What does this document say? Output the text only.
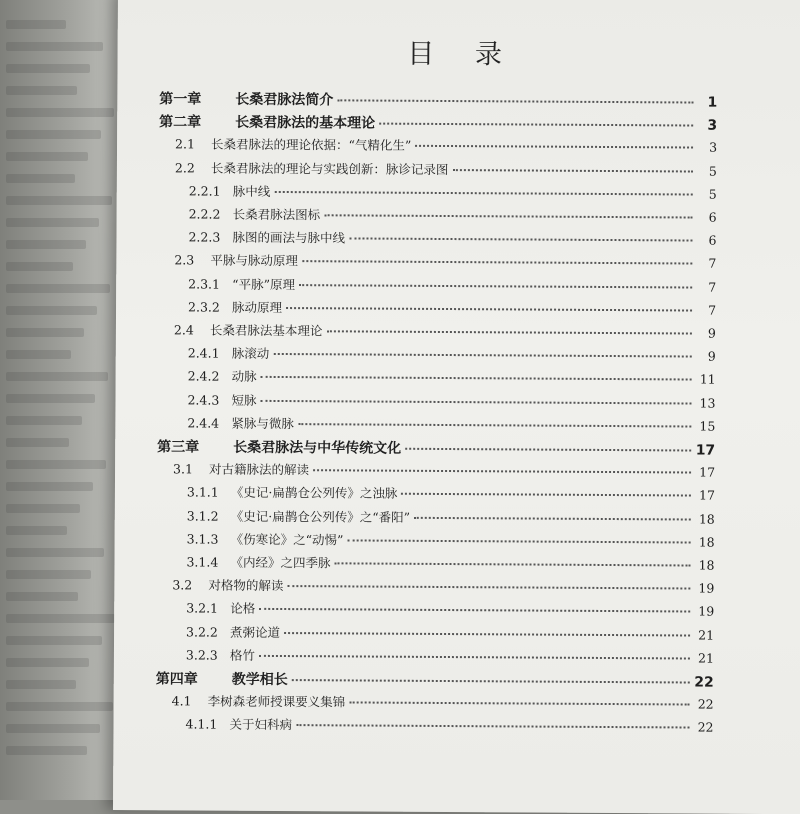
目 录
第一章	长桑君脉法简介	1
第二章	长桑君脉法的基本理论	3
2.1	长桑君脉法的理论依据：“气精化生”	3
2.2	长桑君脉法的理论与实践创新：脉诊记录图	5
2.2.1 脉中线	5
2.2.2 长桑君脉法图标	6
2.2.3 脉图的画法与脉中线	6
2.3	平脉与脉动原理	7
2.3.1 “平脉”原理	7
2.3.2 脉动原理	7
2.4	长桑君脉法基本理论	9
2.4.1 脉滚动	9
2.4.2 动脉	11
2.4.3 短脉	13
2.4.4 紧脉与微脉	15
第三章	长桑君脉法与中华传统文化	17
3.1	对古籍脉法的解读	17
3.1.1 《史记·扁鹊仓公列传》之浊脉	17
3.1.2 《史记·扁鹊仓公列传》之“番阳”	18
3.1.3 《伤寒论》之“动惕”	18
3.1.4 《内经》之四季脉	18
3.2	对格物的解读	19
3.2.1 论格	19
3.2.2 煮粥论道	21
3.2.3 格竹	21
第四章	教学相长	22
4.1	李树森老师授课要义集锦	22
4.1.1 关于妇科病	22
